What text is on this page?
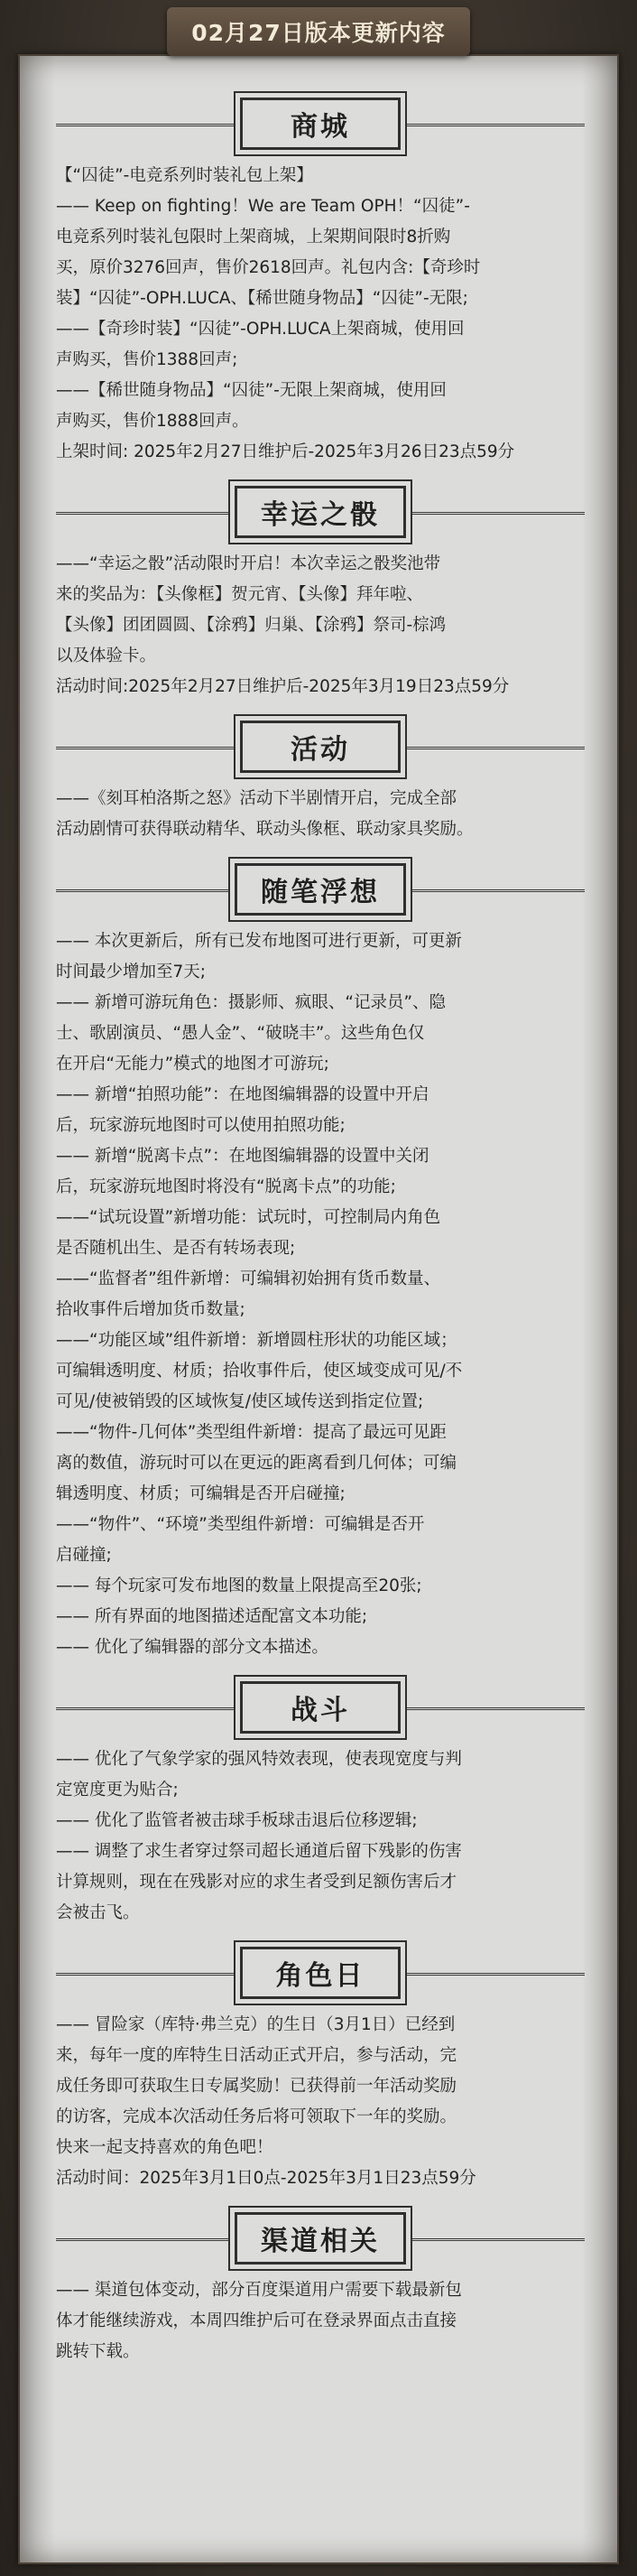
商城
【“囚徒”-电竞系列时装礼包上架】
—— Keep on fighting！We are Team OPH！“囚徒”-
电竞系列时装礼包限时上架商城，上架期间限时8折购
买，原价3276回声，售价2618回声。礼包内含:【奇珍时
装】“囚徒”-OPH.LUCA、【稀世随身物品】“囚徒”-无限;
——【奇珍时装】“囚徒”-OPH.LUCA上架商城，使用回
声购买，售价1388回声;
——【稀世随身物品】“囚徒”-无限上架商城，使用回
声购买，售价1888回声。
上架时间: 2025年2月27日维护后-2025年3月26日23点59分
幸运之骰
——“幸运之骰”活动限时开启！本次幸运之骰奖池带
来的奖品为：【头像框】贺元宵、【头像】拜年啦、
【头像】团团圆圆、【涂鸦】归巢、【涂鸦】祭司-棕鸿
以及体验卡。
活动时间:2025年2月27日维护后-2025年3月19日23点59分
活动
——《刻耳柏洛斯之怒》活动下半剧情开启，完成全部
活动剧情可获得联动精华、联动头像框、联动家具奖励。
随笔浮想
—— 本次更新后，所有已发布地图可进行更新，可更新
时间最少增加至7天;
—— 新增可游玩角色：摄影师、疯眼、“记录员”、隐
士、歌剧演员、“愚人金”、“破晓丰”。这些角色仅
在开启“无能力”模式的地图才可游玩;
—— 新增“拍照功能”：在地图编辑器的设置中开启
后，玩家游玩地图时可以使用拍照功能;
—— 新增“脱离卡点”：在地图编辑器的设置中关闭
后，玩家游玩地图时将没有“脱离卡点”的功能;
——“试玩设置”新增功能：试玩时，可控制局内角色
是否随机出生、是否有转场表现;
——“监督者”组件新增：可编辑初始拥有货币数量、
拾收事件后增加货币数量;
——“功能区域”组件新增：新增圆柱形状的功能区域；
可编辑透明度、材质；拾收事件后，使区域变成可见/不
可见/使被销毁的区域恢复/使区域传送到指定位置;
——“物件-几何体”类型组件新增：提高了最远可见距
离的数值，游玩时可以在更远的距离看到几何体；可编
辑透明度、材质；可编辑是否开启碰撞;
——“物件”、“环境”类型组件新增：可编辑是否开
启碰撞;
—— 每个玩家可发布地图的数量上限提高至20张;
—— 所有界面的地图描述适配富文本功能;
—— 优化了编辑器的部分文本描述。
战斗
—— 优化了气象学家的强风特效表现，使表现宽度与判
定宽度更为贴合;
—— 优化了监管者被击球手板球击退后位移逻辑;
—— 调整了求生者穿过祭司超长通道后留下残影的伤害
计算规则，现在在残影对应的求生者受到足额伤害后才
会被击飞。
角色日
—— 冒险家（库特·弗兰克）的生日（3月1日）已经到
来，每年一度的库特生日活动正式开启，参与活动，完
成任务即可获取生日专属奖励！已获得前一年活动奖励
的访客，完成本次活动任务后将可领取下一年的奖励。
快来一起支持喜欢的角色吧！
活动时间：2025年3月1日0点-2025年3月1日23点59分
渠道相关
—— 渠道包体变动，部分百度渠道用户需要下载最新包
体才能继续游戏，本周四维护后可在登录界面点击直接
跳转下载。
02月27日版本更新内容
